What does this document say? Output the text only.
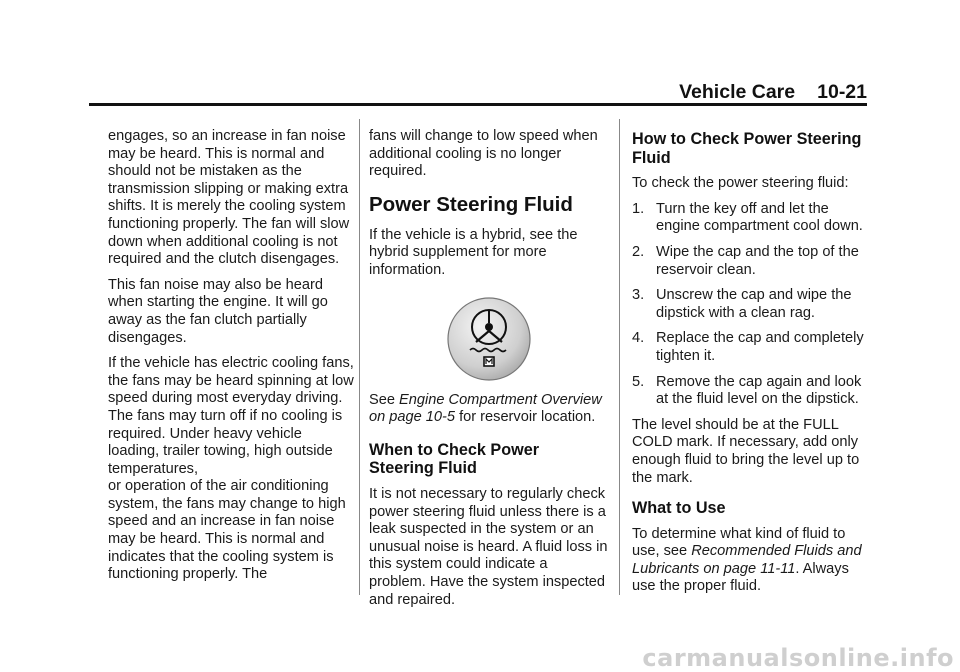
Vehicle Care 10-21

engages, so an increase in fan noise may be heard. This is normal and should not be mistaken as the transmission slipping or making extra shifts. It is merely the cooling system functioning properly. The fan will slow down when additional cooling is not required and the clutch disengages.

This fan noise may also be heard when starting the engine. It will go away as the fan clutch partially disengages.

If the vehicle has electric cooling fans, the fans may be heard spinning at low speed during most everyday driving. The fans may turn off if no cooling is required. Under heavy vehicle loading, trailer towing, high outside temperatures,
or operation of the air conditioning system, the fans may change to high speed and an increase in fan noise may be heard. This is normal and indicates that the cooling system is functioning properly. The

fans will change to low speed when additional cooling is no longer required.

Power Steering Fluid

If the vehicle is a hybrid, see the hybrid supplement for more information.

See Engine Compartment Overview on page 10-5 for reservoir location.

When to Check Power Steering Fluid

It is not necessary to regularly check power steering fluid unless there is a leak suspected in the system or an unusual noise is heard. A fluid loss in this system could indicate a problem. Have the system inspected and repaired.

How to Check Power Steering Fluid

To check the power steering fluid:

1. Turn the key off and let the engine compartment cool down.
2. Wipe the cap and the top of the reservoir clean.
3. Unscrew the cap and wipe the dipstick with a clean rag.
4. Replace the cap and completely tighten it.
5. Remove the cap again and look at the fluid level on the dipstick.

The level should be at the FULL COLD mark. If necessary, add only enough fluid to bring the level up to the mark.

What to Use

To determine what kind of fluid to use, see Recommended Fluids and Lubricants on page 11-11. Always use the proper fluid.

carmanualsonline.info
